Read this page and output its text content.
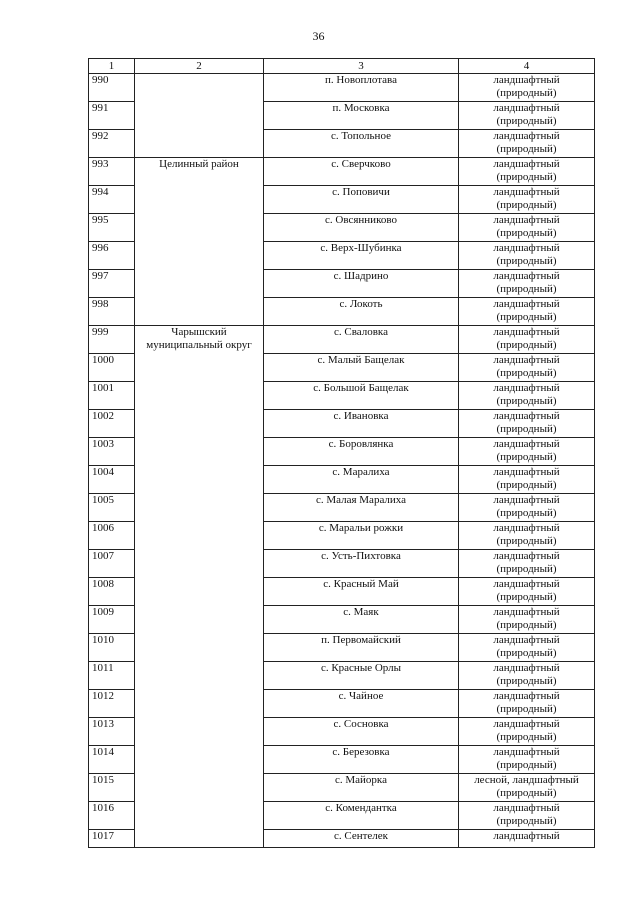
36
1	2	3	4
990		п. Новоплотава	ландшафтный
(природный)

991		п. Московка	ландшафтный
(природный)

992		с. Топольное	ландшафтный
(природный)

993	Целинный район	с. Сверчково	ландшафтный
(природный)

994		с. Поповичи	ландшафтный
(природный)

995		с. Овсянниково	ландшафтный
(природный)

996		с. Верх-Шубинка	ландшафтный
(природный)

997		с. Шадрино	ландшафтный
(природный)

998		с. Локоть	ландшафтный
(природный)

999	Чарышский муниципальный округ	с. Сваловка	ландшафтный
(природный)

1000		с. Малый Бащелак	ландшафтный
(природный)

1001		с. Большой Бащелак	ландшафтный
(природный)

1002		с. Ивановка	ландшафтный
(природный)

1003		с. Боровлянка	ландшафтный
(природный)

1004		с. Маралиха	ландшафтный
(природный)

1005		с. Малая Маралиха	ландшафтный
(природный)

1006		с. Маральи рожки	ландшафтный
(природный)

1007		с. Усть-Пихтовка	ландшафтный
(природный)

1008		с. Красный Май	ландшафтный
(природный)

1009		с. Маяк	ландшафтный
(природный)

1010		п. Первомайский	ландшафтный
(природный)

1011		с. Красные Орлы	ландшафтный
(природный)

1012		с. Чайное	ландшафтный
(природный)

1013		с. Сосновка	ландшафтный
(природный)

1014		с. Березовка	ландшафтный
(природный)

1015		с. Майорка	лесной, ландшафтный
(природный)

1016		с. Комендантка	ландшафтный
(природный)

1017		с. Сентелек	ландшафтный
